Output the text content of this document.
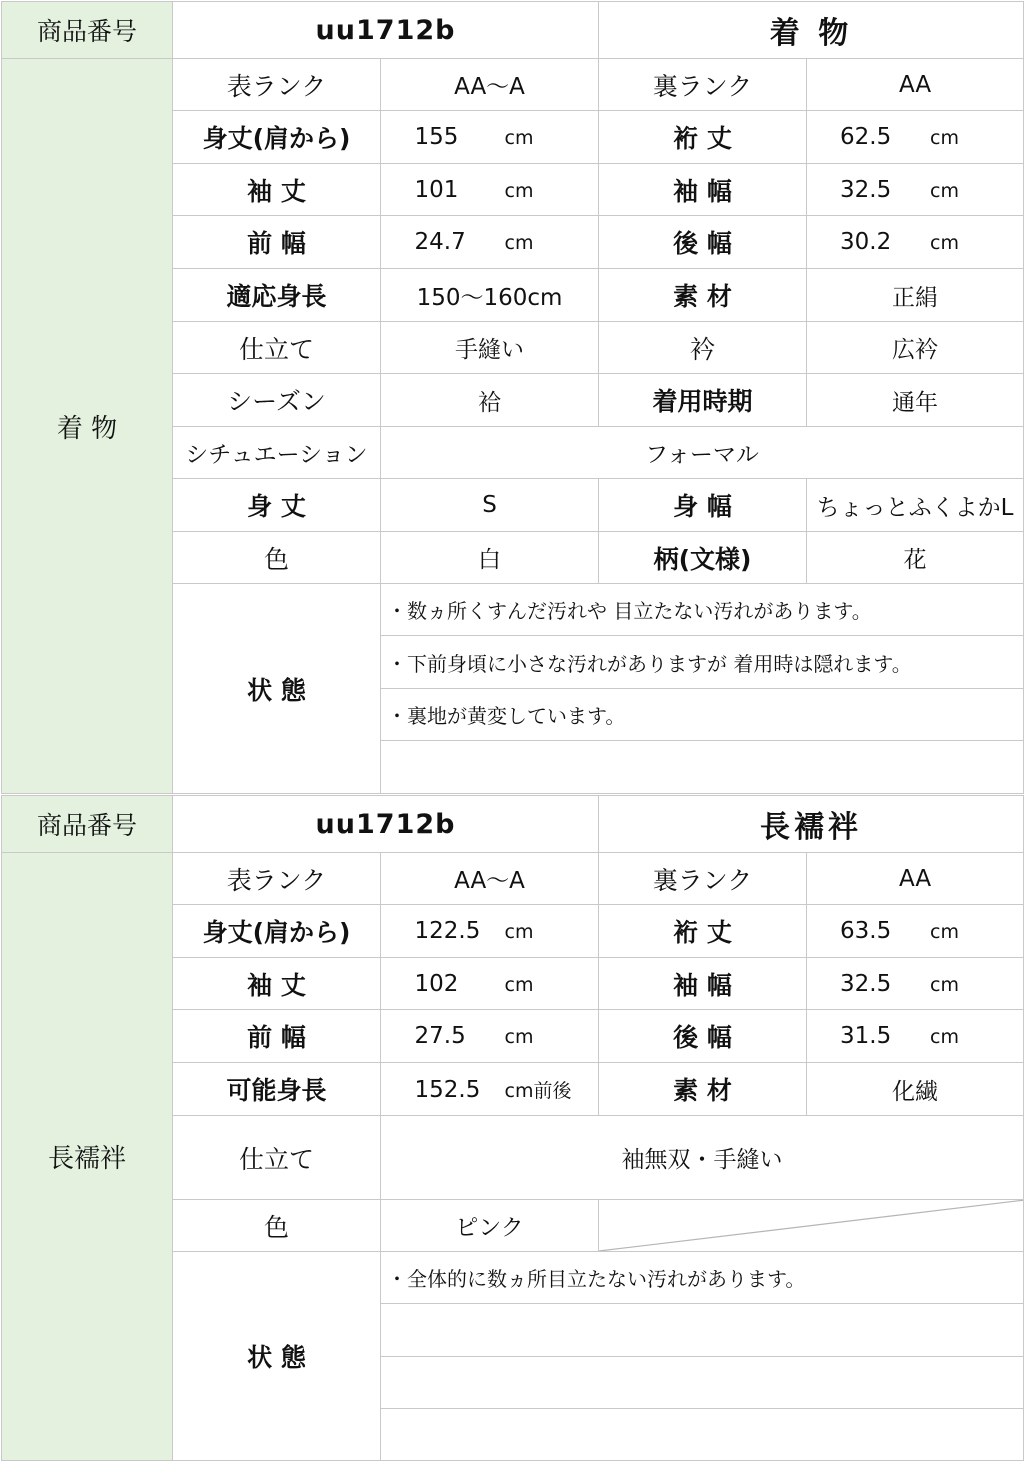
商品番号	uu1712b		着 物	
着 物	表ランク	AA〜A	裏ランク	AA
	身丈(肩から)	155 cm	裄 丈	62.5 cm
	袖 丈	101 cm	袖 幅	32.5 cm
	前 幅	24.7 cm	後 幅	30.2 cm
	適応身長	150〜160cm	素 材	正絹
	仕立て	手縫い	衿	広衿
	シーズン	袷	着用時期	通年
	シチュエーション	フォーマル		
	身 丈	S	身 幅	ちょっとふくよかL
	色	白	柄(文様)	花
	状 態	・数ヵ所くすんだ汚れや 目立たない汚れがあります。		
		・下前身頃に小さな汚れがありますが 着用時は隠れます。		
		・裏地が黄変しています。		

商品番号	uu1712b		長襦袢	
長襦袢	表ランク	AA〜A	裏ランク	AA
	身丈(肩から)	122.5 cm	裄 丈	63.5 cm
	袖 丈	102 cm	袖 幅	32.5 cm
	前 幅	27.5 cm	後 幅	31.5 cm
	可能身長	152.5 cm前後	素 材	化繊
	仕立て	袖無双・手縫い		
	色	ピンク	

	状 態	・全体的に数ヵ所目立たない汚れがあります。		
